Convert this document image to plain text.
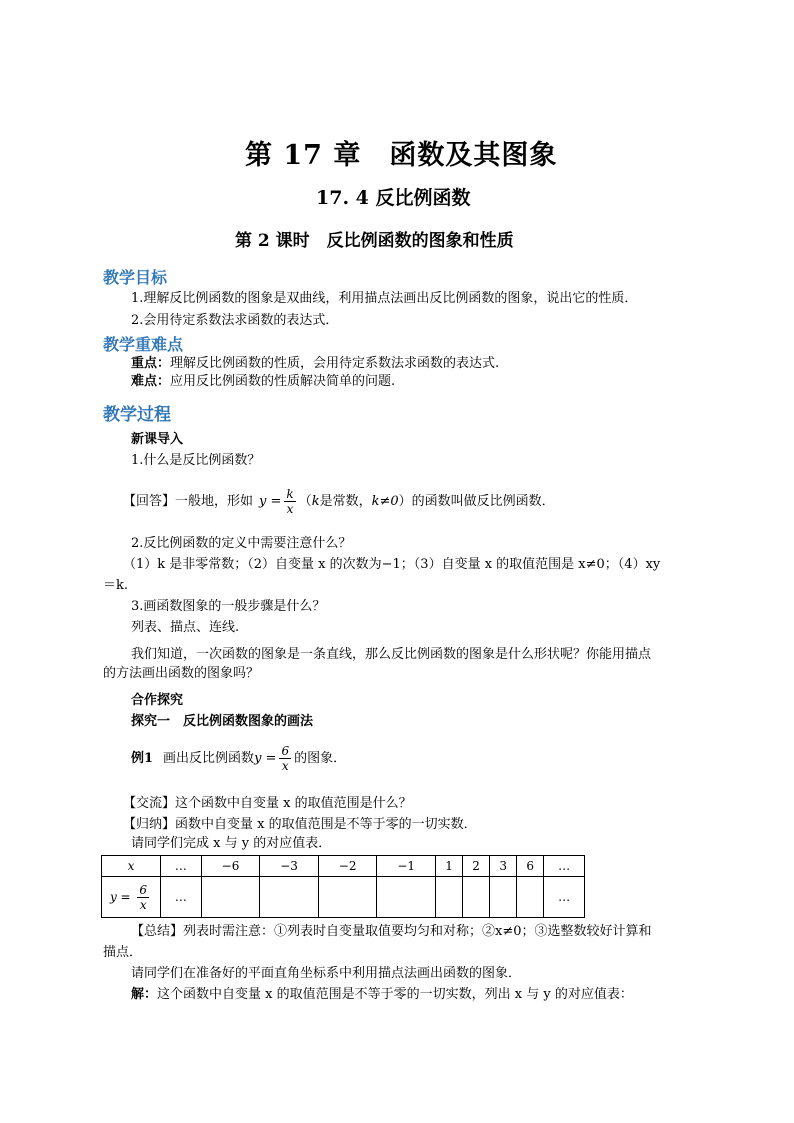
第 17 章　函数及其图象
17. 4 反比例函数
第 2 课时　反比例函数的图象和性质
教学目标
1.理解反比例函数的图象是双曲线，利用描点法画出反比例函数的图象，说出它的性质．
2.会用待定系数法求函数的表达式．
教学重难点
重点：理解反比例函数的性质，会用待定系数法求函数的表达式.
难点：应用反比例函数的性质解决简单的问题.
教学过程
新课导入
1.什么是反比例函数？
【回答】一般地，形如 $y = \frac{k}{x}$ （ k 是常数， k≠0 ）的函数叫做反比例函数．
2.反比例函数的定义中需要注意什么？
（1）k 是非零常数；（2）自变量 x 的次数为−1；（3）自变量 x 的取值范围是 x≠0；（4）xy
＝k.
3.画函数图象的一般步骤是什么？
列表、描点、连线.
我们知道，一次函数的图象是一条直线，那么反比例函数的图象是什么形状呢？你能用描点
的方法画出函数的图象吗？
合作探究
探究一　反比例函数图象的画法
例1 画出反比例函数 $y = \frac{6}{x}$ 的图象．
【交流】这个函数中自变量 x 的取值范围是什么？
【归纳】函数中自变量 x 的取值范围是不等于零的一切实数．
请同学们完成 x 与 y 的对应值表．
x	…	−6	−3	−2	−1	1	2	3	6	…
$y = \frac{6}{x}$	…									…
【总结】列表时需注意：①列表时自变量取值要均匀和对称；②x≠0；③选整数较好计算和
描点．
请同学们在准备好的平面直角坐标系中利用描点法画出函数的图象．
解：这个函数中自变量 x 的取值范围是不等于零的一切实数，列出 x 与 y 的对应值表：
